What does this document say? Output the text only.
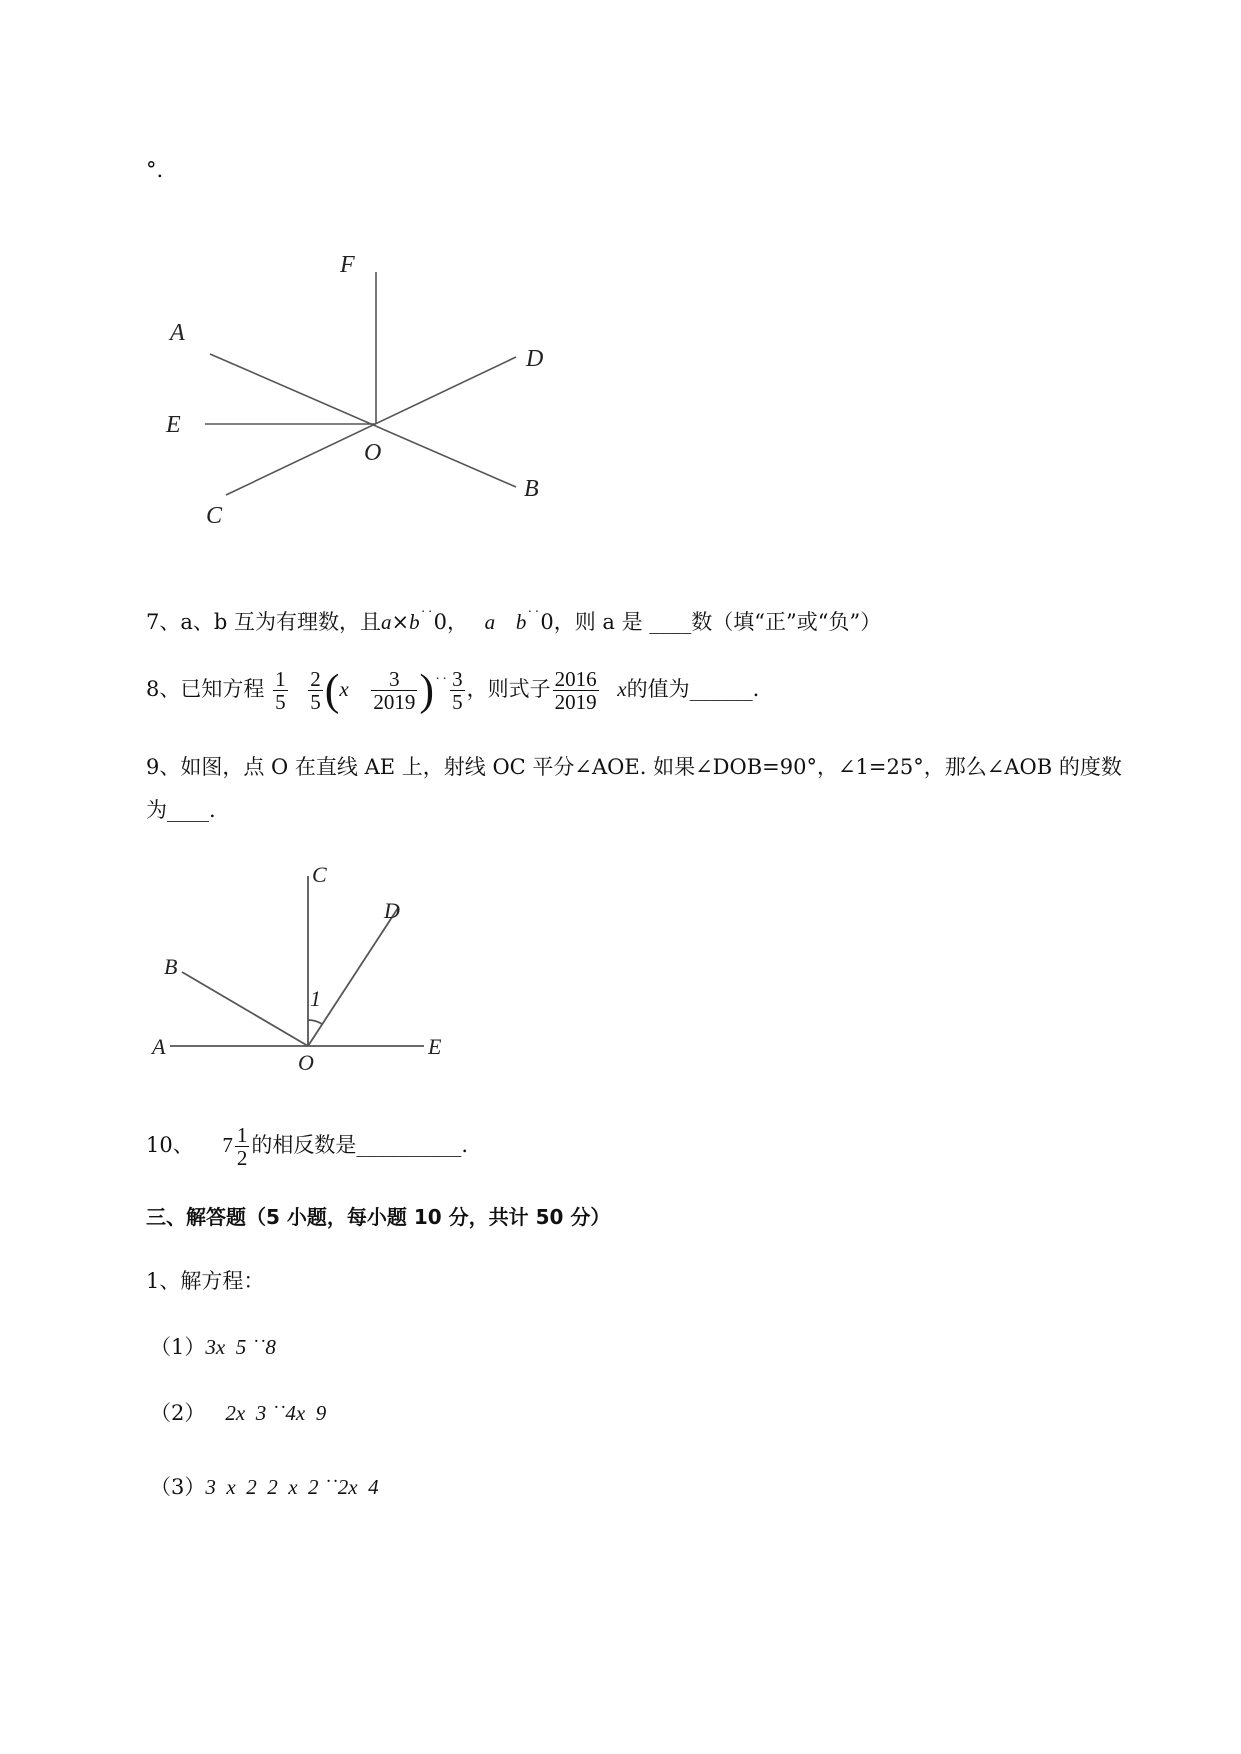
°.
F
A
D
E
O
B
C
7、a、b 互为有理数，且a×b˙˙0， a b˙˙0，则 a 是 ____数（填“正”或“负”）
8、已知方程 $\frac{1}{5}$
$\frac{2}{5} (x \frac{3}{2019} )^{˙˙} \frac{3}{5}$ ，则式子 $\frac{2016}{2019}$ x的值为______.
9、如图，点 O 在直线 AE 上，射线 OC 平分∠AOE. 如果∠DOB=90°，∠1=25°，那么∠AOB 的度数
为____.
C
D
B
A
O
E
1
10、 $7 \frac{1}{2}$ 的相反数是__________.
三、解答题（5 小题，每小题 10 分，共计 50 分）
1、解方程：
（1）3x  5 ˙˙8
（2） 2x  3 ˙˙4x  9
（3）3  x  2  2  x  2 ˙˙2x  4
